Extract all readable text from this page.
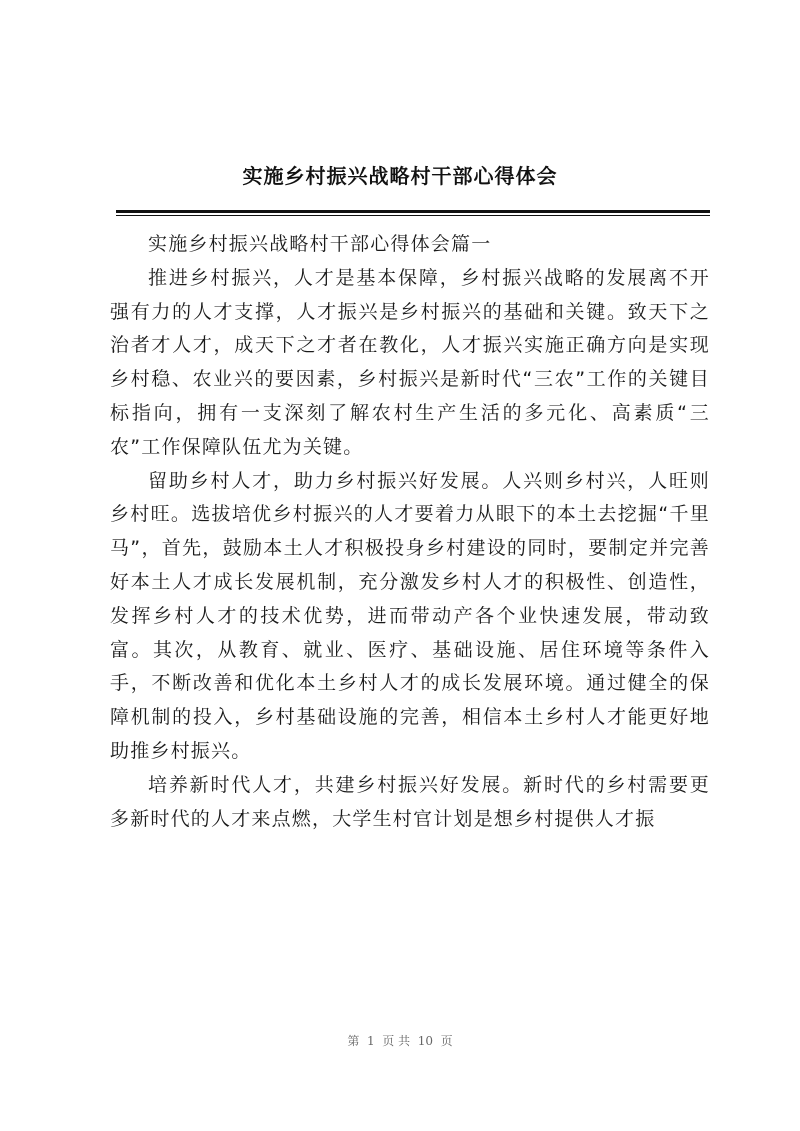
实施乡村振兴战略村干部心得体会

实施乡村振兴战略村干部心得体会篇一

推进乡村振兴，人才是基本保障，乡村振兴战略的发展离不开强有力的人才支撑，人才振兴是乡村振兴的基础和关键。致天下之治者才人才，成天下之才者在教化，人才振兴实施正确方向是实现乡村稳、农业兴的要因素，乡村振兴是新时代“三农”工作的关键目标指向，拥有一支深刻了解农村生产生活的多元化、高素质“三农”工作保障队伍尤为关键。

留助乡村人才，助力乡村振兴好发展。人兴则乡村兴，人旺则乡村旺。选拔培优乡村振兴的人才要着力从眼下的本土去挖掘“千里马”，首先，鼓励本土人才积极投身乡村建设的同时，要制定并完善好本土人才成长发展机制，充分激发乡村人才的积极性、创造性，发挥乡村人才的技术优势，进而带动产各个业快速发展，带动致富。其次，从教育、就业、医疗、基础设施、居住环境等条件入手，不断改善和优化本土乡村人才的成长发展环境。通过健全的保障机制的投入，乡村基础设施的完善，相信本土乡村人才能更好地助推乡村振兴。

培养新时代人才，共建乡村振兴好发展。新时代的乡村需要更多新时代的人才来点燃，大学生村官计划是想乡村提供人才振

第  1  页 共  10  页
